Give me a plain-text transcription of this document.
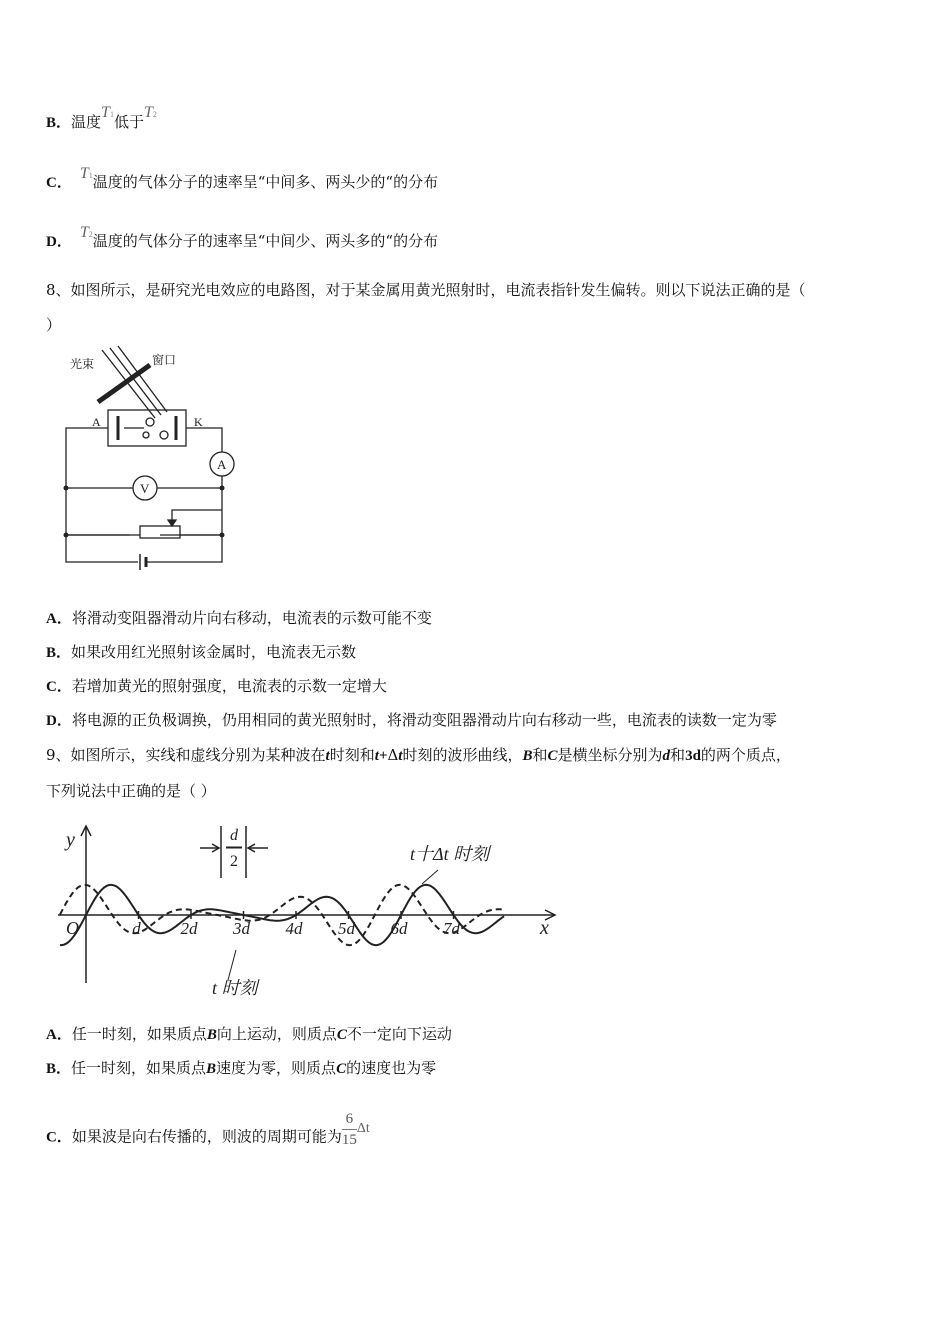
B．温度T1低于T2
C．T1温度的气体分子的速率呈“中间多、两头少的“的分布
D．T2温度的气体分子的速率呈“中间少、两头多的“的分布
8、如图所示，是研究光电效应的电路图，对于某金属用黄光照射时，电流表指针发生偏转。则以下说法正确的是（
）
光束	窗口
A	K
A
V
A．将滑动变阻器滑动片向右移动，电流表的示数可能不变
B．如果改用红光照射该金属时，电流表无示数
C．若增加黄光的照射强度，电流表的示数一定增大
D．将电源的正负极调换，仍用相同的黄光照射时，将滑动变阻器滑动片向右移动一些，电流表的读数一定为零
9、如图所示，实线和虚线分别为某种波在t时刻和t+Δt时刻的波形曲线，B和C是横坐标分别为d和3d的两个质点，
下列说法中正确的是（ ）
d 2d 3d 4d 5d 6d 7d
y
x
O
d
2	t十Δt 时刻
t 时刻
A．任一时刻，如果质点B向上运动，则质点C不一定向下运动
B．任一时刻，如果质点B速度为零，则质点C的速度也为零
C．如果波是向右传播的，则波的周期可能为 $\frac{6}{15}$ Δt
